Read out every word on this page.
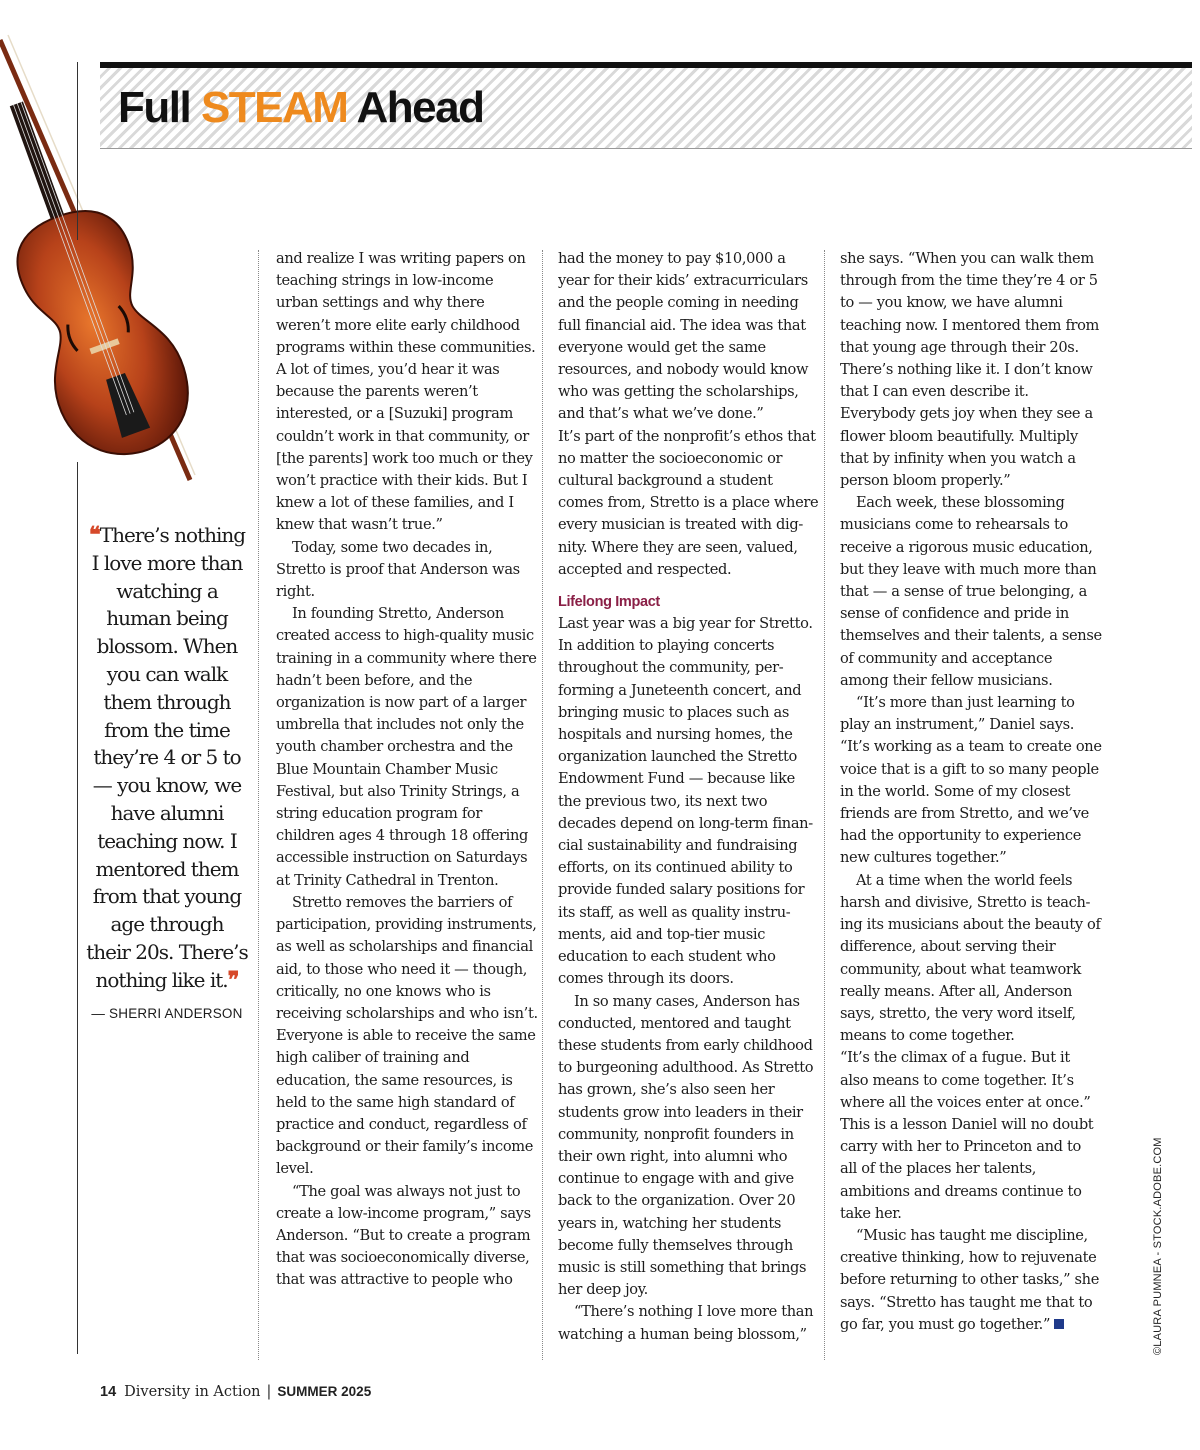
Full STEAM Ahead
❝There’s nothing I love more than watching a human being blossom. When you can walk them through from the time they’re 4 or 5 to — you know, we have alumni teaching now. I mentored them from that young age through their 20s. There’s nothing like it.❞
— SHERRI ANDERSON

and realize I was writing papers on teaching strings in low-income urban settings and why there weren’t more elite early childhood programs within these communities. A lot of times, you’d hear it was because the parents weren’t interested, or a [Suzuki] program couldn’t work in that community, or [the parents] work too much or they won’t practice with their kids. But I knew a lot of these families, and I knew that wasn’t true.”

Today, some two decades in, Stretto is proof that Anderson was right.

In founding Stretto, Anderson created access to high-quality music training in a community where there hadn’t been before, and the organization is now part of a larger umbrella that includes not only the youth chamber orchestra and the Blue Mountain Chamber Music Festival, but also Trinity Strings, a string education program for children ages 4 through 18 offering accessible instruction on Saturdays at Trinity Cathedral in Trenton.

Stretto removes the barriers of participation, providing instruments, as well as scholarships and financial aid, to those who need it — though, critically, no one knows who is receiving scholarships and who isn’t. Everyone is able to receive the same high caliber of training and education, the same resources, is held to the same high standard of practice and conduct, regardless of background or their family’s income level.

“The goal was always not just to create a low-income program,” says Anderson. “But to create a program that was socioeconomically diverse, that was attractive to people who

had the money to pay $10,000 a year for their kids’ extracurriculars and the people coming in needing full financial aid. The idea was that everyone would get the same resources, and nobody would know who was getting the scholarships, and that’s what we’ve done.”

It’s part of the nonprofit’s ethos that no matter the socioeconomic or cultural background a student comes from, Stretto is a place where every musician is treated with dignity. Where they are seen, valued, accepted and respected.

Lifelong Impact

Last year was a big year for Stretto. In addition to playing concerts throughout the community, performing a Juneteenth concert, and bringing music to places such as hospitals and nursing homes, the organization launched the Stretto Endowment Fund — because like the previous two, its next two decades depend on long-term financial sustainability and fundraising efforts, on its continued ability to provide funded salary positions for its staff, as well as quality instruments, aid and top-tier music education to each student who comes through its doors.

In so many cases, Anderson has conducted, mentored and taught these students from early childhood to burgeoning adulthood. As Stretto has grown, she’s also seen her students grow into leaders in their community, nonprofit founders in their own right, into alumni who continue to engage with and give back to the organization. Over 20 years in, watching her students become fully themselves through music is still something that brings her deep joy.

“There’s nothing I love more than watching a human being blossom,”

she says. “When you can walk them through from the time they’re 4 or 5 to — you know, we have alumni teaching now. I mentored them from that young age through their 20s. There’s nothing like it. I don’t know that I can even describe it. Everybody gets joy when they see a flower bloom beautifully. Multiply that by infinity when you watch a person bloom properly.”

Each week, these blossoming musicians come to rehearsals to receive a rigorous music education, but they leave with much more than that — a sense of true belonging, a sense of confidence and pride in themselves and their talents, a sense of community and acceptance among their fellow musicians.

“It’s more than just learning to play an instrument,” Daniel says. “It’s working as a team to create one voice that is a gift to so many people in the world. Some of my closest friends are from Stretto, and we’ve had the opportunity to experience new cultures together.”

At a time when the world feels harsh and divisive, Stretto is teaching its musicians about the beauty of difference, about serving their community, about what teamwork really means. After all, Anderson says, stretto, the very word itself, means to come together.

“It’s the climax of a fugue. But it also means to come together. It’s where all the voices enter at once.” This is a lesson Daniel will no doubt carry with her to Princeton and to all of the places her talents, ambitions and dreams continue to take her.

“Music has taught me discipline, creative thinking, how to rejuvenate before returning to other tasks,” she says. “Stretto has taught me that to go far, you must go together.”	©LAURA PUMNEA - STOCK.ADOBE.COM
14 Diversity in Action | SUMMER 2025
